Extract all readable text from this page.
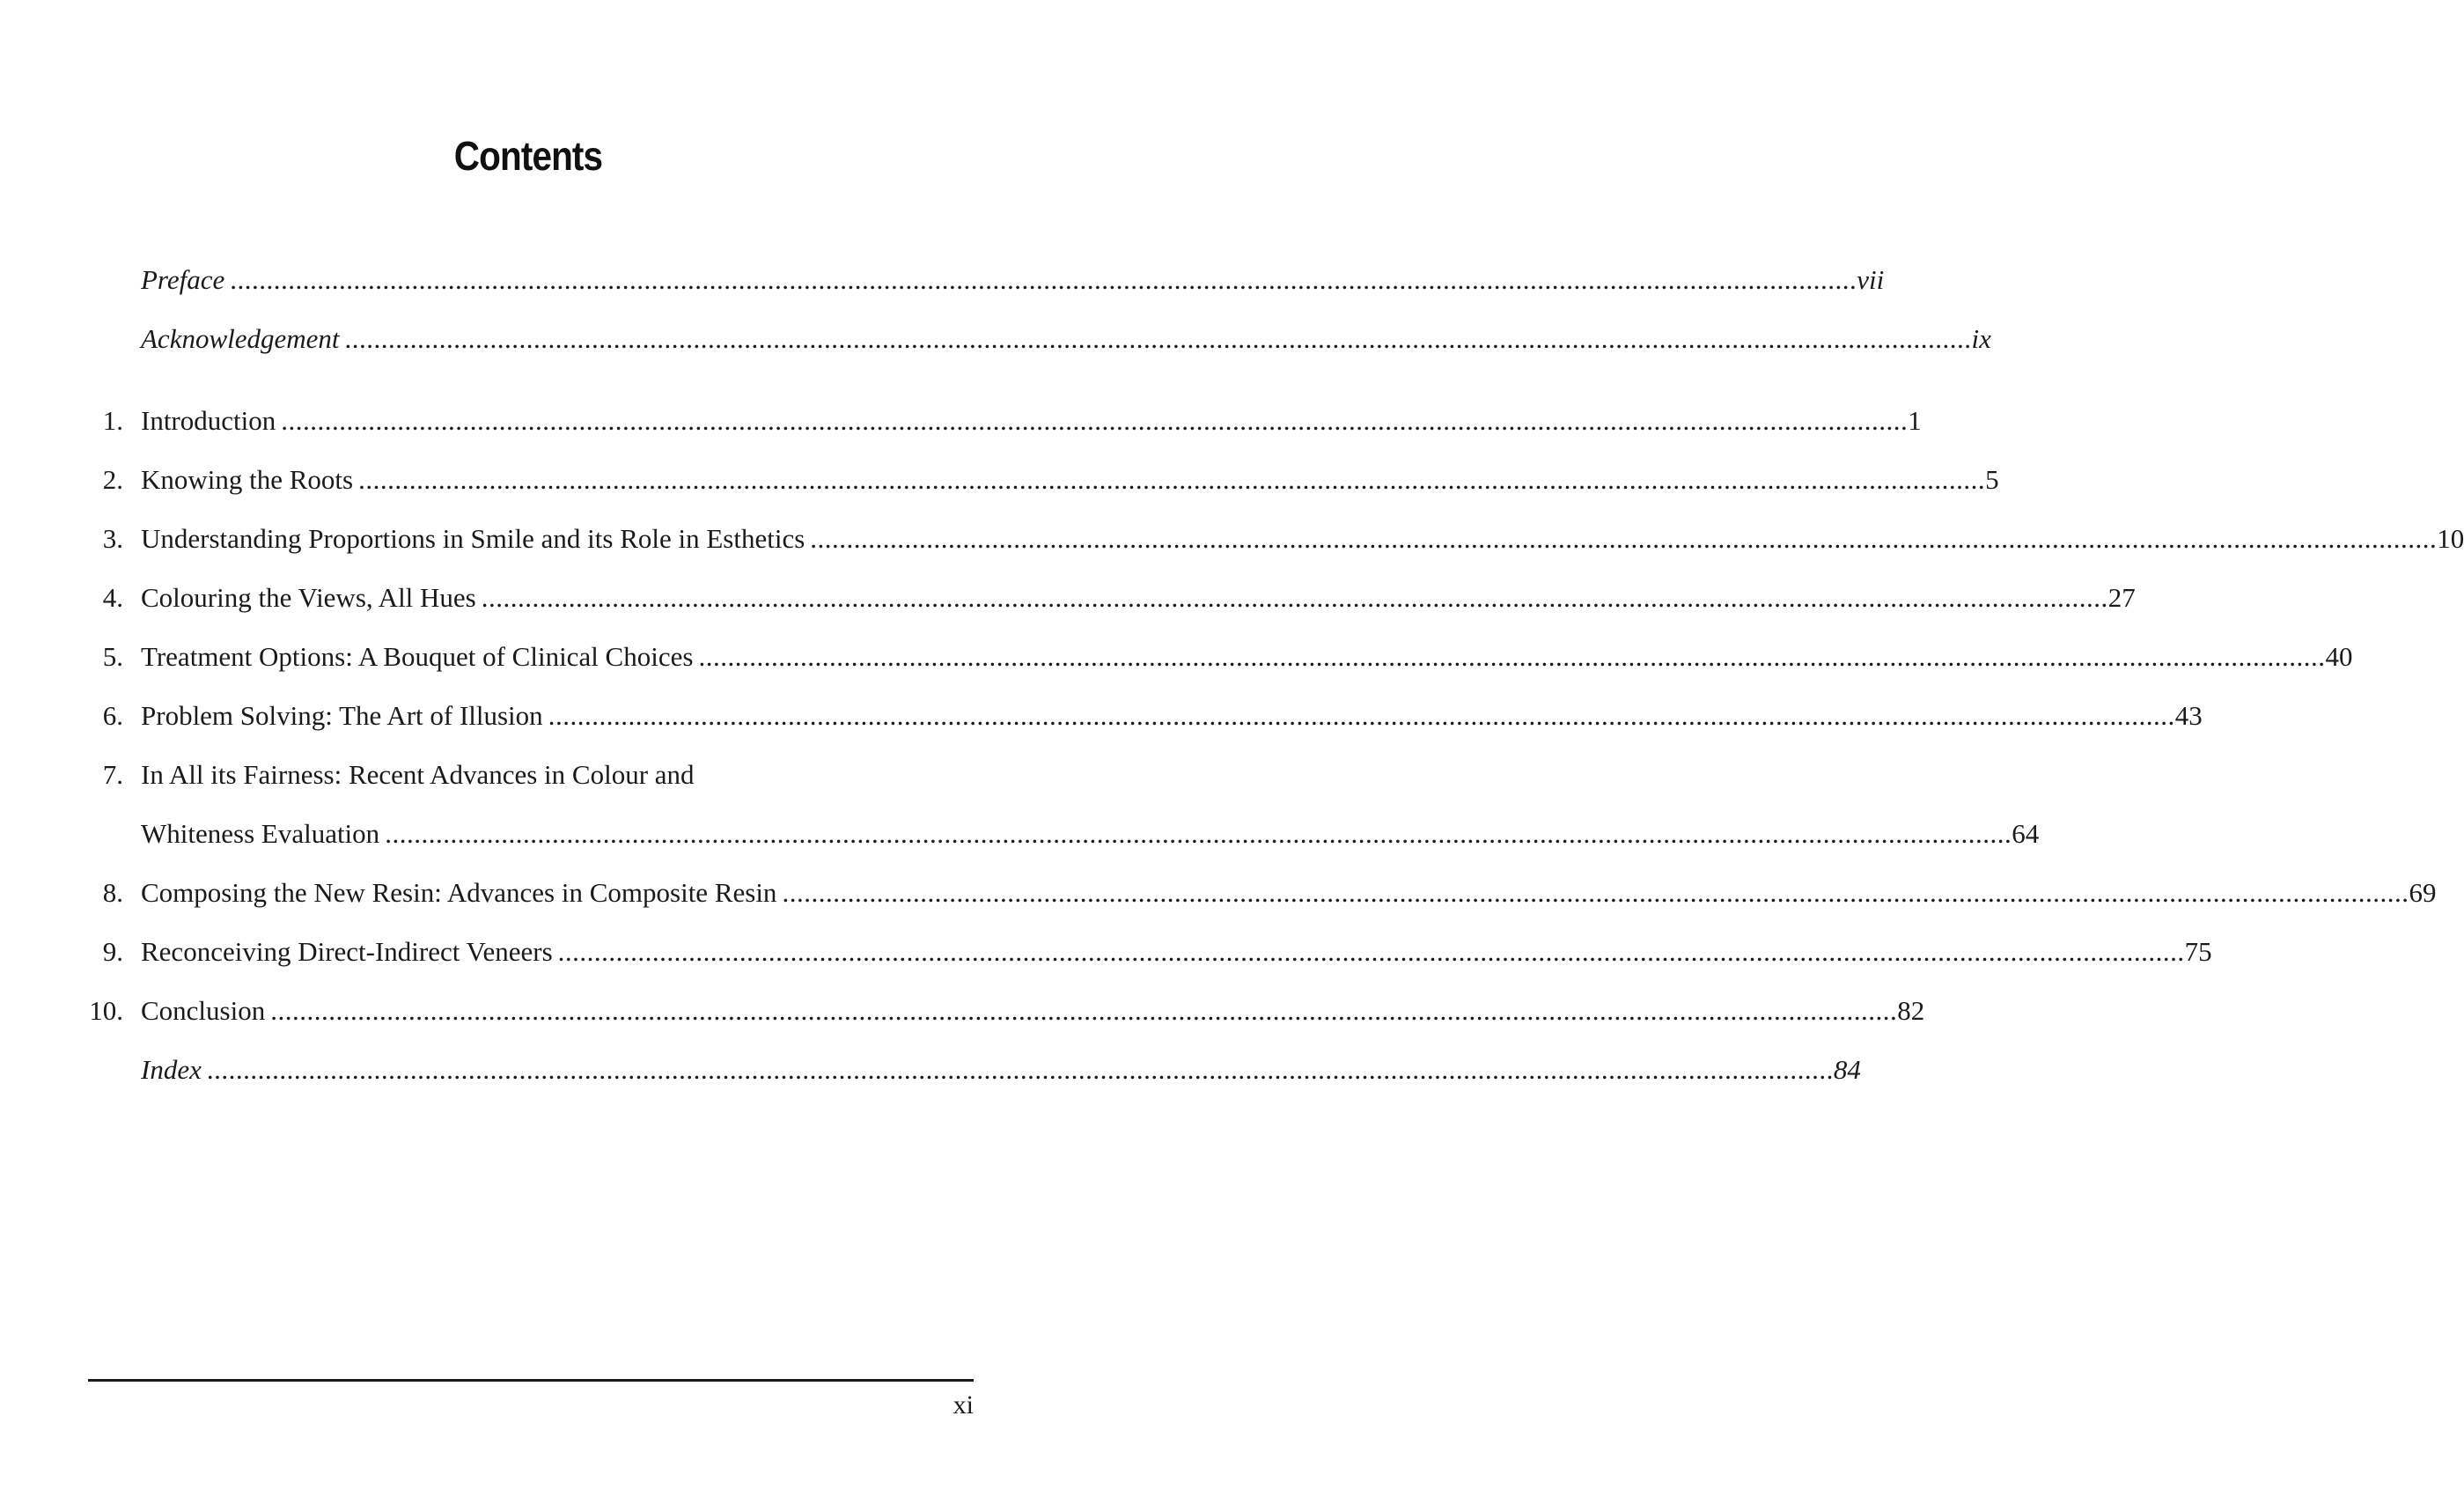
Contents
Preface ................................................................................................................................................................................................................................ vii
Acknowledgement ................................................................................................................................................................................................................................ ix
1. Introduction ................................................................................................................................................................................................................................ 1
2. Knowing the Roots ................................................................................................................................................................................................................................ 5
3. Understanding Proportions in Smile and its Role in Esthetics ................................................................................................................................................................................................................................ 10
4. Colouring the Views, All Hues ................................................................................................................................................................................................................................ 27
5. Treatment Options: A Bouquet of Clinical Choices ................................................................................................................................................................................................................................ 40
6. Problem Solving: The Art of Illusion ................................................................................................................................................................................................................................ 43
7. In All its Fairness: Recent Advances in Colour and
Whiteness Evaluation ................................................................................................................................................................................................................................ 64
8. Composing the New Resin: Advances in Composite Resin ................................................................................................................................................................................................................................ 69
9. Reconceiving Direct-Indirect Veneers ................................................................................................................................................................................................................................ 75
10. Conclusion ................................................................................................................................................................................................................................ 82
Index ................................................................................................................................................................................................................................ 84
xi
